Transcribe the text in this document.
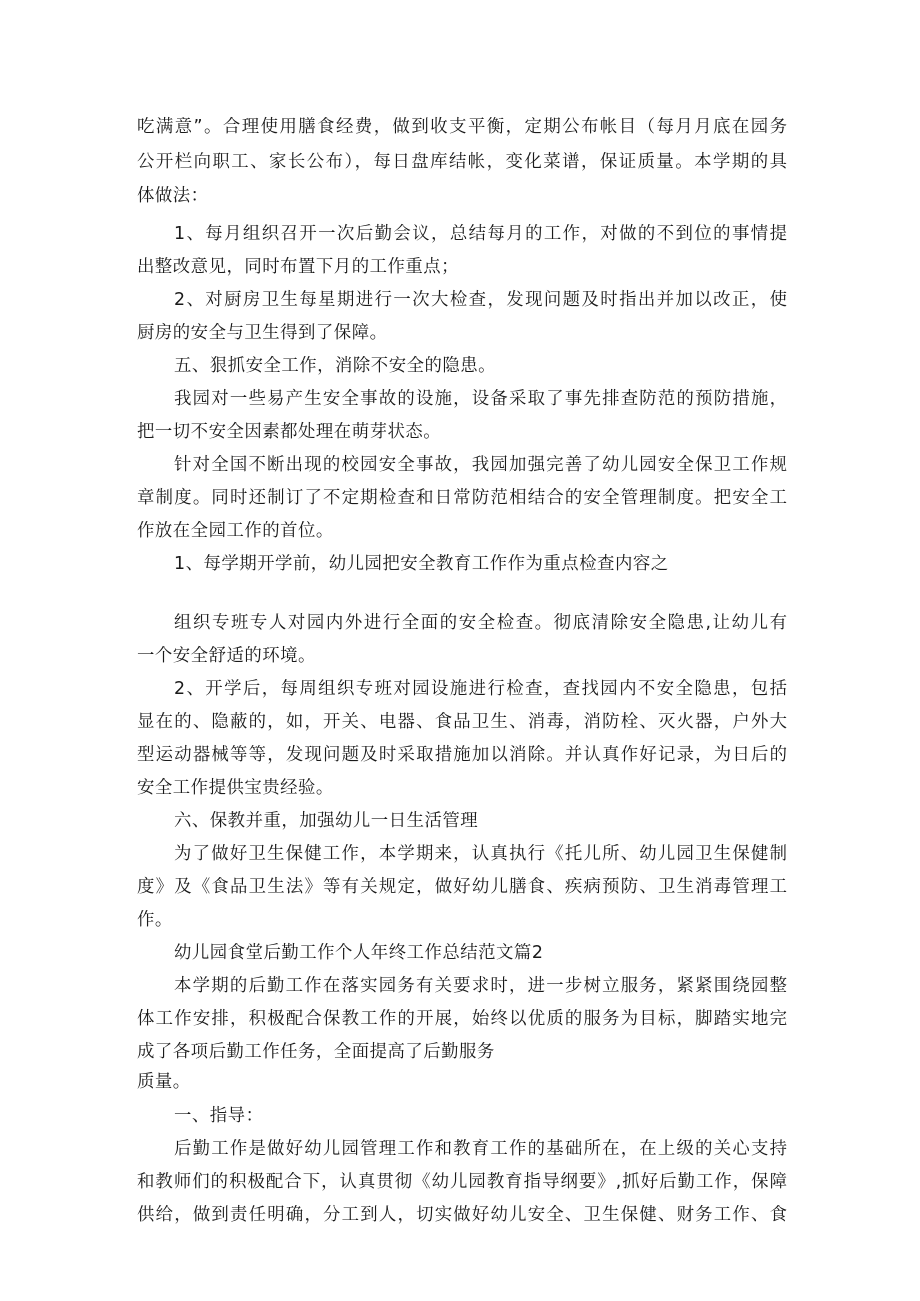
吃满意”。合理使用膳食经费，做到收支平衡，定期公布帐目（每月月底在园务
公开栏向职工、家长公布），每日盘库结帐，变化菜谱，保证质量。本学期的具
体做法：
1、每月组织召开一次后勤会议，总结每月的工作，对做的不到位的事情提
出整改意见，同时布置下月的工作重点；
2、对厨房卫生每星期进行一次大检查，发现问题及时指出并加以改正，使
厨房的安全与卫生得到了保障。
五、狠抓安全工作，消除不安全的隐患。
我园对一些易产生安全事故的设施，设备采取了事先排查防范的预防措施，
把一切不安全因素都处理在萌芽状态。
针对全国不断出现的校园安全事故，我园加强完善了幼儿园安全保卫工作规
章制度。同时还制订了不定期检查和日常防范相结合的安全管理制度。把安全工
作放在全园工作的首位。
1、每学期开学前，幼儿园把安全教育工作作为重点检查内容之
组织专班专人对园内外进行全面的安全检查。彻底清除安全隐患,让幼儿有
一个安全舒适的环境。
2、开学后，每周组织专班对园设施进行检查，查找园内不安全隐患，包括
显在的、隐蔽的，如，开关、电器、食品卫生、消毒，消防栓、灭火器，户外大
型运动器械等等，发现问题及时采取措施加以消除。并认真作好记录，为日后的
安全工作提供宝贵经验。
六、保教并重，加强幼儿一日生活管理
为了做好卫生保健工作，本学期来，认真执行《托儿所、幼儿园卫生保健制
度》及《食品卫生法》等有关规定，做好幼儿膳食、疾病预防、卫生消毒管理工
作。
幼儿园食堂后勤工作个人年终工作总结范文篇2
本学期的后勤工作在落实园务有关要求时，进一步树立服务，紧紧围绕园整
体工作安排，积极配合保教工作的开展，始终以优质的服务为目标，脚踏实地完
成了各项后勤工作任务，全面提高了后勤服务
质量。
一、指导：
后勤工作是做好幼儿园管理工作和教育工作的基础所在，在上级的关心支持
和教师们的积极配合下，认真贯彻《幼儿园教育指导纲要》,抓好后勤工作，保障
供给，做到责任明确，分工到人，切实做好幼儿安全、卫生保健、财务工作、食
